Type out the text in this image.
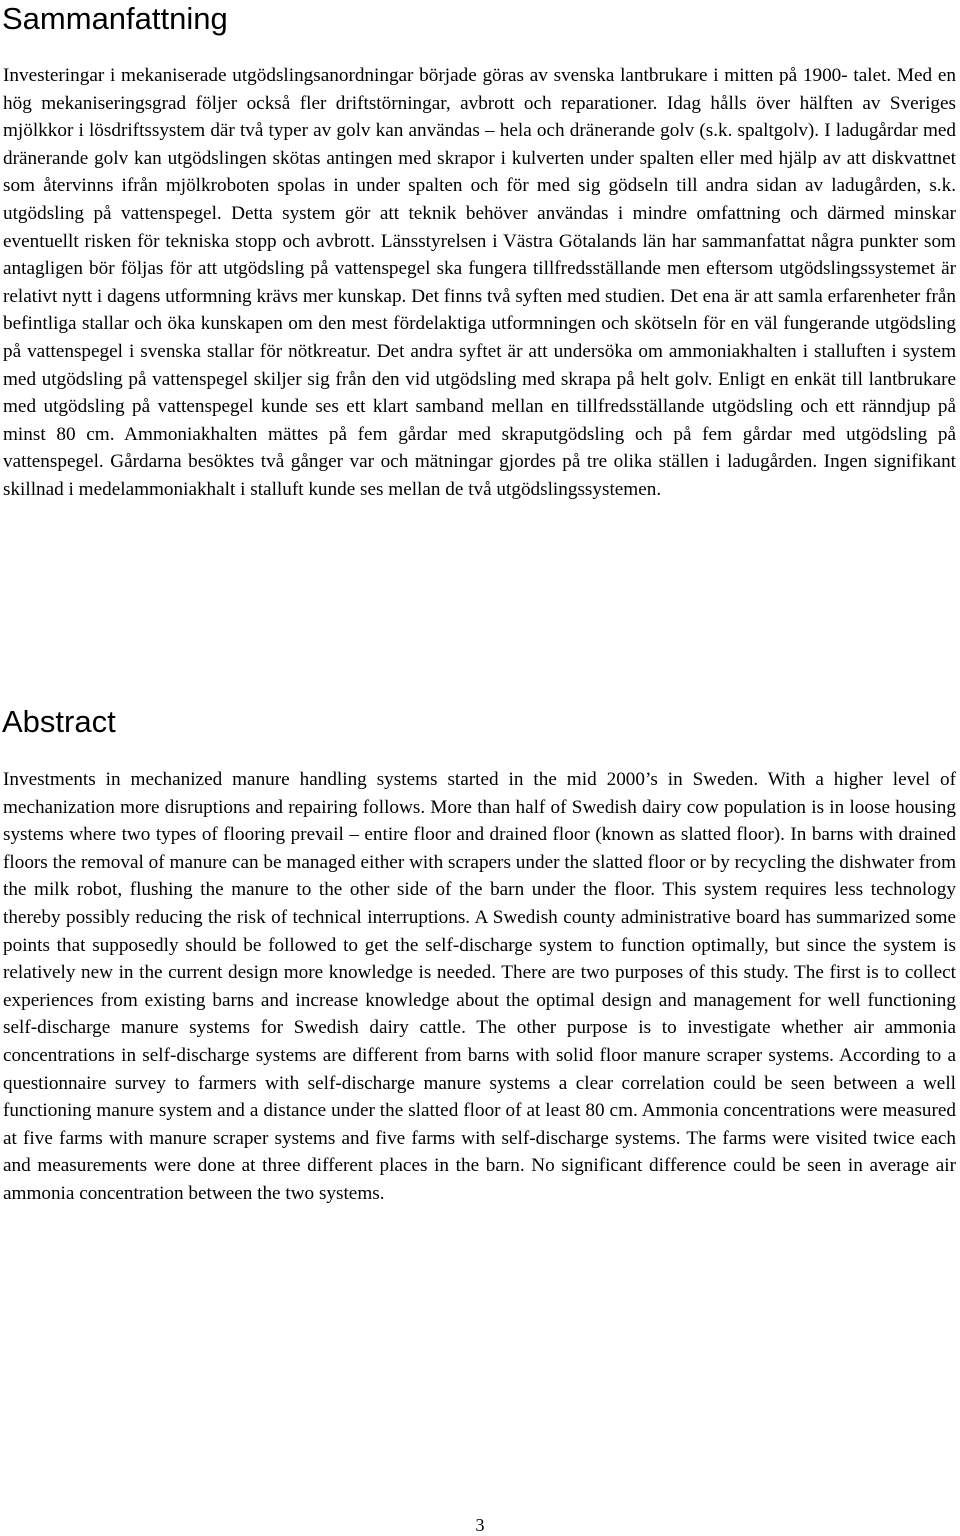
Sammanfattning

Investeringar i mekaniserade utgödslingsanordningar började göras av svenska lantbrukare i mitten på 1900- talet. Med en hög mekaniseringsgrad följer också fler driftstörningar, avbrott och reparationer. Idag hålls över hälften av Sveriges mjölkkor i lösdriftssystem där två typer av golv kan användas – hela och dränerande golv (s.k. spaltgolv). I ladugårdar med dränerande golv kan utgödslingen skötas antingen med skrapor i kulverten under spalten eller med hjälp av att diskvattnet som återvinns ifrån mjölkroboten spolas in under spalten och för med sig gödseln till andra sidan av ladugården, s.k. utgödsling på vattenspegel. Detta system gör att teknik behöver användas i mindre omfattning och därmed minskar eventuellt risken för tekniska stopp och avbrott. Länsstyrelsen i Västra Götalands län har sammanfattat några punkter som antagligen bör följas för att utgödsling på vattenspegel ska fungera tillfredsställande men eftersom utgödslingssystemet är relativt nytt i dagens utformning krävs mer kunskap. Det finns två syften med studien. Det ena är att samla erfarenheter från befintliga stallar och öka kunskapen om den mest fördelaktiga utformningen och skötseln för en väl fungerande utgödsling på vattenspegel i svenska stallar för nötkreatur. Det andra syftet är att undersöka om ammoniakhalten i stalluften i system med utgödsling på vattenspegel skiljer sig från den vid utgödsling med skrapa på helt golv. Enligt en enkät till lantbrukare med utgödsling på vattenspegel kunde ses ett klart samband mellan en tillfredsställande utgödsling och ett ränndjup på minst 80 cm. Ammoniakhalten mättes på fem gårdar med skraputgödsling och på fem gårdar med utgödsling på vattenspegel. Gårdarna besöktes två gånger var och mätningar gjordes på tre olika ställen i ladugården. Ingen signifikant skillnad i medelammoniakhalt i stalluft kunde ses mellan de två utgödslingssystemen.

Abstract

Investments in mechanized manure handling systems started in the mid 2000’s in Sweden. With a higher level of mechanization more disruptions and repairing follows. More than half of Swedish dairy cow population is in loose housing systems where two types of flooring prevail – entire floor and drained floor (known as slatted floor). In barns with drained floors the removal of manure can be managed either with scrapers under the slatted floor or by recycling the dishwater from the milk robot, flushing the manure to the other side of the barn under the floor. This system requires less technology thereby possibly reducing the risk of technical interruptions. A Swedish county administrative board has summarized some points that supposedly should be followed to get the self-discharge system to function optimally, but since the system is relatively new in the current design more knowledge is needed. There are two purposes of this study. The first is to collect experiences from existing barns and increase knowledge about the optimal design and management for well functioning self-discharge manure systems for Swedish dairy cattle. The other purpose is to investigate whether air ammonia concentrations in self-discharge systems are different from barns with solid floor manure scraper systems. According to a questionnaire survey to farmers with self-discharge manure systems a clear correlation could be seen between a well functioning manure system and a distance under the slatted floor of at least 80 cm. Ammonia concentrations were measured at five farms with manure scraper systems and five farms with self-discharge systems. The farms were visited twice each and measurements were done at three different places in the barn. No significant difference could be seen in average air ammonia concentration between the two systems.

3
